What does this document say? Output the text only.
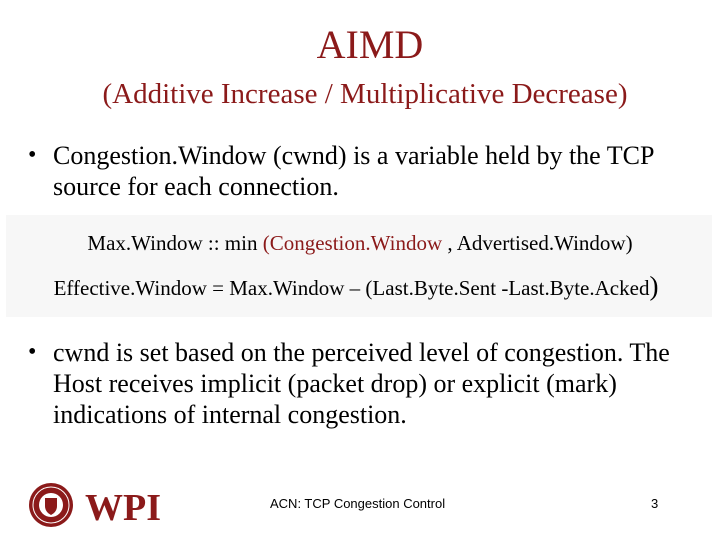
AIMD
(Additive Increase / Multiplicative Decrease)
• Congestion.Window (cwnd) is a variable held by the TCP source for each connection.
Max.Window :: min (Congestion.Window , Advertised.Window)
Effective.Window = Max.Window – (Last.Byte.Sent -Last.Byte.Acked)
• cwnd is set based on the perceived level of congestion. The Host receives implicit (packet drop) or explicit (mark) indications of internal congestion.
WPI	ACN: TCP Congestion Control	3
